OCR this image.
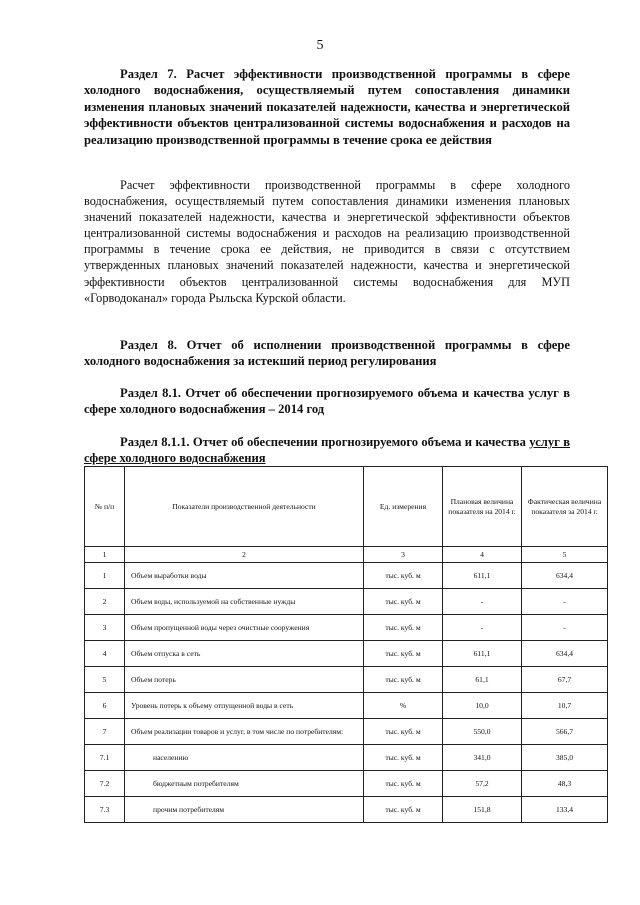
5

Раздел 7. Расчет эффективности производственной программы в сфере холодного водоснабжения, осуществляемый путем сопоставления динамики изменения плановых значений показателей надежности, качества и энергетической эффективности объектов централизованной системы водоснабжения и расходов на реализацию производственной программы в течение срока ее действия

Расчет эффективности производственной программы в сфере холодного водоснабжения, осуществляемый путем сопоставления динамики изменения плановых значений показателей надежности, качества и энергетической эффективности объектов централизованной системы водоснабжения и расходов на реализацию производственной программы в течение срока ее действия, не приводится в связи с отсутствием утвержденных плановых значений показателей надежности, качества и энергетической эффективности объектов централизованной системы водоснабжения для МУП «Горводоканал» города Рыльска Курской области.

Раздел 8. Отчет об исполнении производственной программы в сфере холодного водоснабжения за истекший период регулирования

Раздел 8.1. Отчет об обеспечении прогнозируемого объема и качества услуг в сфере холодного водоснабжения – 2014 год

Раздел 8.1.1. Отчет об обеспечении прогнозируемого объема и качества услуг в сфере холодного водоснабжения

№ п/п	Показатели производственной деятельности	Ед. измерения	Плановая величина показателя на 2014 г.	Фактическая величина показателя за 2014 г.
1	2	3	4	5
1	Объем выработки воды	тыс. куб. м	611,1	634,4
2	Объем воды, используемой на собственные нужды	тыс. куб. м	-	-
3	Объем пропущенной воды через очистные сооружения	тыс. куб. м	-	-
4	Объем отпуска в сеть	тыс. куб. м	611,1	634,4
5	Объем потерь	тыс. куб. м	61,1	67,7
6	Уровень потерь к объему отпущенной воды в сеть	%	10,0	10,7
7	Объем реализации товаров и услуг, в том числе по потребителям:	тыс. куб. м	550,0	566,7
7.1	населению	тыс. куб. м	341,0	385,0
7.2	бюджетным потребителям	тыс. куб. м	57,2	48,3
7.3	прочим потребителям	тыс. куб. м	151,8	133,4
